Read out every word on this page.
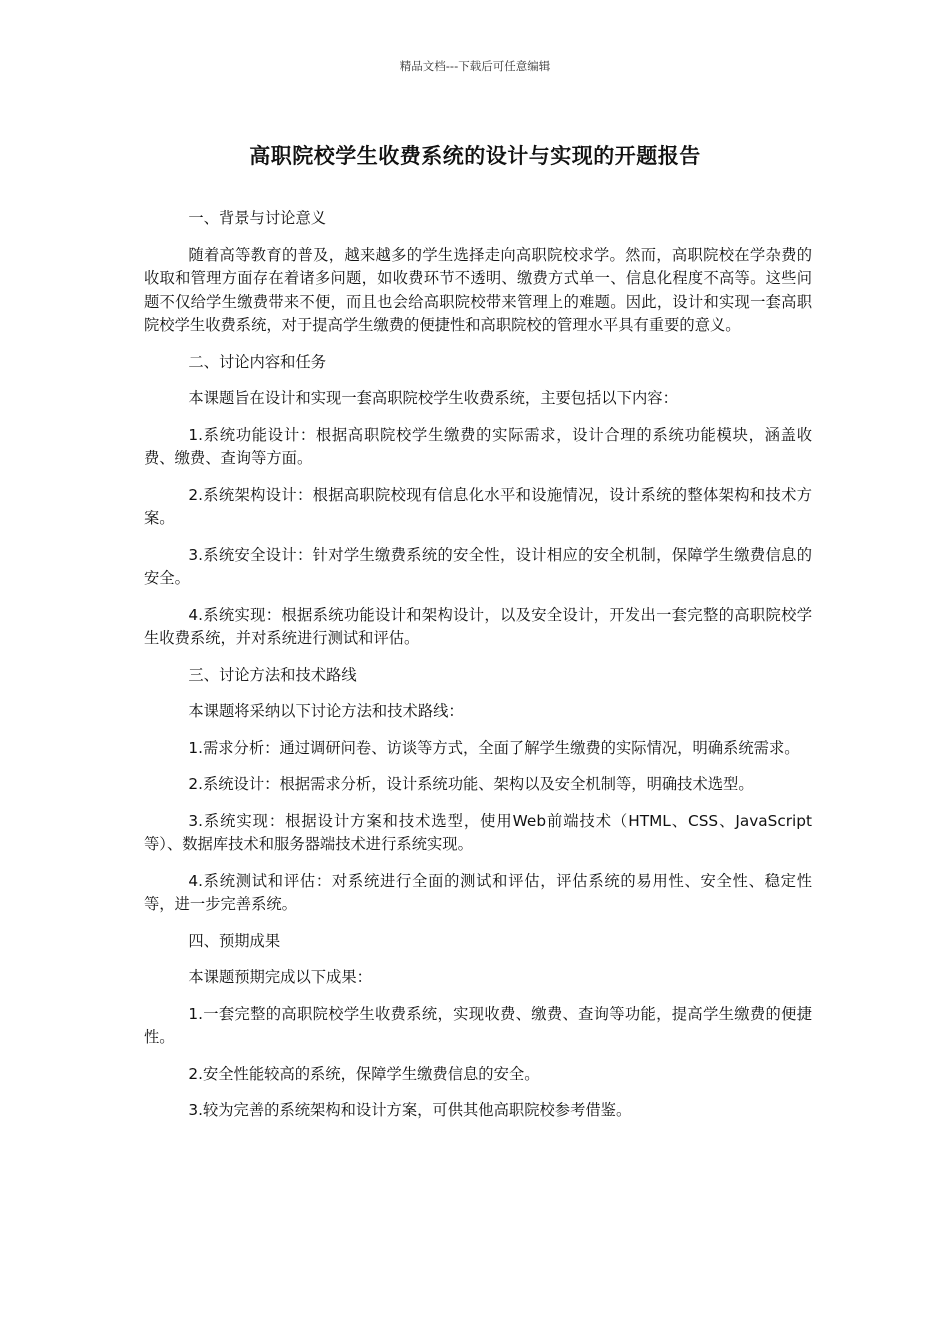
精品文档---下载后可任意编辑
高职院校学生收费系统的设计与实现的开题报告
一、背景与讨论意义

随着高等教育的普及，越来越多的学生选择走向高职院校求学。然而，高职院校在学杂费的收取和管理方面存在着诸多问题，如收费环节不透明、缴费方式单一、信息化程度不高等。这些问题不仅给学生缴费带来不便，而且也会给高职院校带来管理上的难题。因此，设计和实现一套高职院校学生收费系统，对于提高学生缴费的便捷性和高职院校的管理水平具有重要的意义。

二、讨论内容和任务

本课题旨在设计和实现一套高职院校学生收费系统，主要包括以下内容：

1.系统功能设计：根据高职院校学生缴费的实际需求，设计合理的系统功能模块，涵盖收费、缴费、查询等方面。

2.系统架构设计：根据高职院校现有信息化水平和设施情况，设计系统的整体架构和技术方案。

3.系统安全设计：针对学生缴费系统的安全性，设计相应的安全机制，保障学生缴费信息的安全。

4.系统实现：根据系统功能设计和架构设计，以及安全设计，开发出一套完整的高职院校学生收费系统，并对系统进行测试和评估。

三、讨论方法和技术路线

本课题将采纳以下讨论方法和技术路线：

1.需求分析：通过调研问卷、访谈等方式，全面了解学生缴费的实际情况，明确系统需求。

2.系统设计：根据需求分析，设计系统功能、架构以及安全机制等，明确技术选型。

3.系统实现：根据设计方案和技术选型，使用Web前端技术（HTML、CSS、JavaScript等）、数据库技术和服务器端技术进行系统实现。

4.系统测试和评估：对系统进行全面的测试和评估，评估系统的易用性、安全性、稳定性等，进一步完善系统。

四、预期成果

本课题预期完成以下成果：

1.一套完整的高职院校学生收费系统，实现收费、缴费、查询等功能，提高学生缴费的便捷性。

2.安全性能较高的系统，保障学生缴费信息的安全。

3.较为完善的系统架构和设计方案，可供其他高职院校参考借鉴。
